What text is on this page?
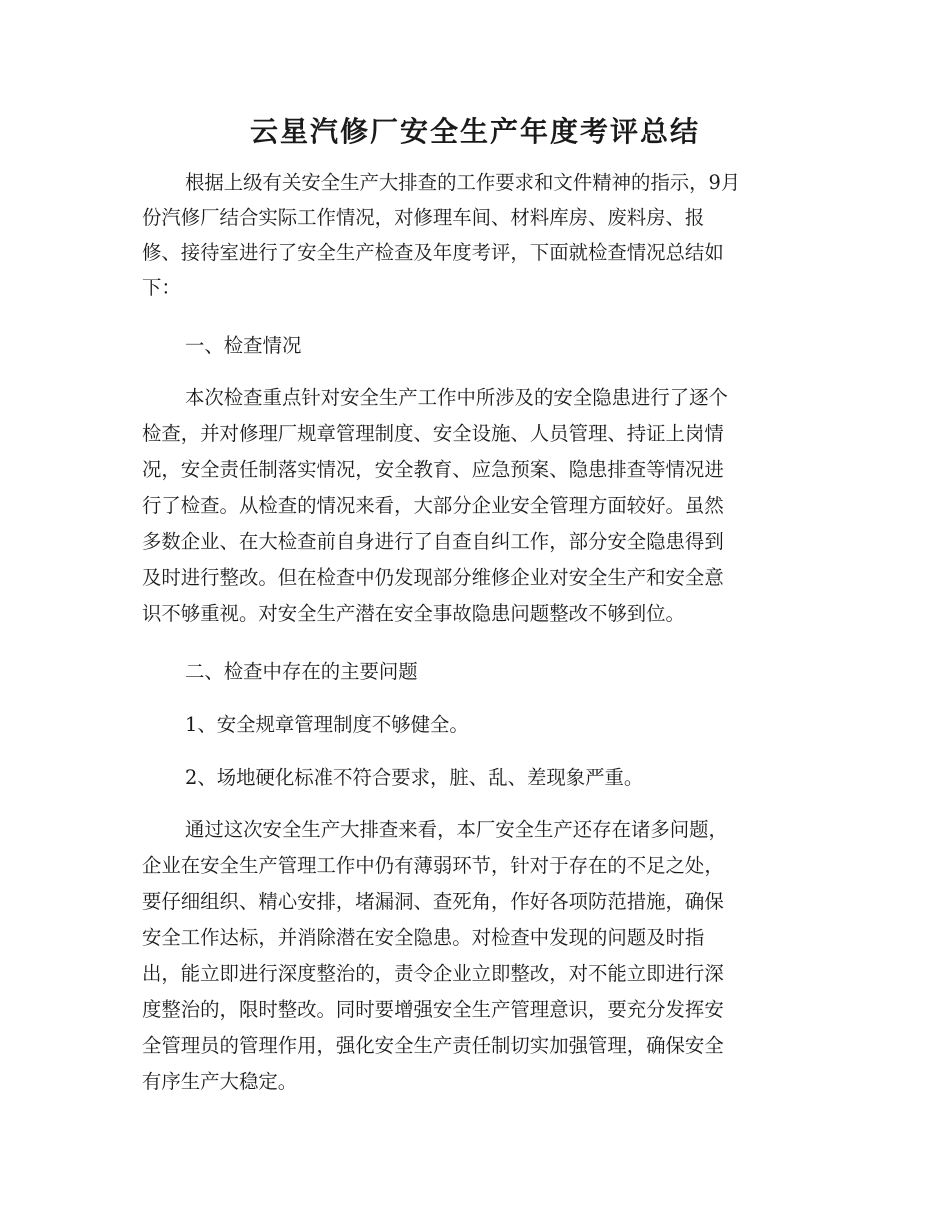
云星汽修厂安全生产年度考评总结
根据上级有关安全生产大排查的工作要求和文件精神的指示，9月
份汽修厂结合实际工作情况，对修理车间、材料库房、废料房、报
修、接待室进行了安全生产检查及年度考评，下面就检查情况总结如
下：
一、检查情况
本次检查重点针对安全生产工作中所涉及的安全隐患进行了逐个
检查，并对修理厂规章管理制度、安全设施、人员管理、持证上岗情
况，安全责任制落实情况，安全教育、应急预案、隐患排查等情况进
行了检查。从检查的情况来看，大部分企业安全管理方面较好。虽然
多数企业、在大检查前自身进行了自查自纠工作，部分安全隐患得到
及时进行整改。但在检查中仍发现部分维修企业对安全生产和安全意
识不够重视。对安全生产潜在安全事故隐患问题整改不够到位。
二、检查中存在的主要问题
1、安全规章管理制度不够健全。
2、场地硬化标准不符合要求，脏、乱、差现象严重。
通过这次安全生产大排查来看，本厂安全生产还存在诸多问题，
企业在安全生产管理工作中仍有薄弱环节，针对于存在的不足之处，
要仔细组织、精心安排，堵漏洞、查死角，作好各项防范措施，确保
安全工作达标，并消除潜在安全隐患。对检查中发现的问题及时指
出，能立即进行深度整治的，责令企业立即整改，对不能立即进行深
度整治的，限时整改。同时要增强安全生产管理意识，要充分发挥安
全管理员的管理作用，强化安全生产责任制切实加强管理，确保安全
有序生产大稳定。
